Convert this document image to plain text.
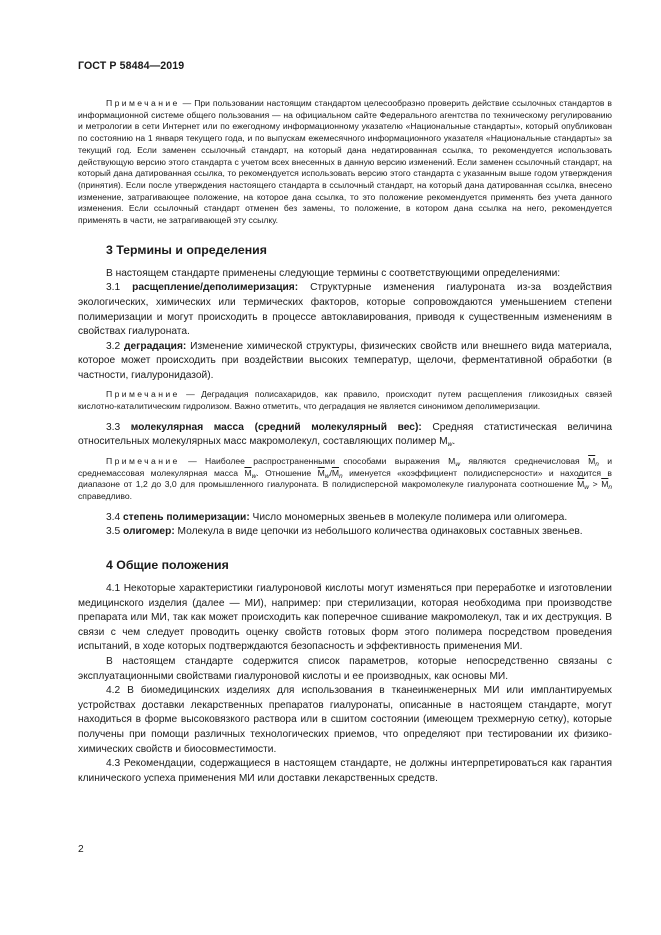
ГОСТ Р 58484—2019

Примечание — При пользовании настоящим стандартом целесообразно проверить действие ссылочных стандартов в информационной системе общего пользования — на официальном сайте Федерального агентства по техническому регулированию и метрологии в сети Интернет или по ежегодному информационному указателю «Национальные стандарты», который опубликован по состоянию на 1 января текущего года, и по выпускам ежемесячного информационного указателя «Национальные стандарты» за текущий год. Если заменен ссылочный стандарт, на который дана недатированная ссылка, то рекомендуется использовать действующую версию этого стандарта с учетом всех внесенных в данную версию изменений. Если заменен ссылочный стандарт, на который дана датированная ссылка, то рекомендуется использовать версию этого стандарта с указанным выше годом утверждения (принятия). Если после утверждения настоящего стандарта в ссылочный стандарт, на который дана датированная ссылка, внесено изменение, затрагивающее положение, на которое дана ссылка, то это положение рекомендуется применять без учета данного изменения. Если ссылочный стандарт отменен без замены, то положение, в котором дана ссылка на него, рекомендуется применять в части, не затрагивающей эту ссылку.

3 Термины и определения

В настоящем стандарте применены следующие термины с соответствующими определениями:

3.1 расщепление/деполимеризация: Структурные изменения гиалуроната из-за воздействия экологических, химических или термических факторов, которые сопровождаются уменьшением степени полимеризации и могут происходить в процессе автоклавирования, приводя к существенным изменениям в свойствах гиалуроната.

3.2 деградация: Изменение химической структуры, физических свойств или внешнего вида материала, которое может происходить при воздействии высоких температур, щелочи, ферментативной обработки (в частности, гиалуронидазой).

Примечание — Деградация полисахаридов, как правило, происходит путем расщепления гликозидных связей кислотно-каталитическим гидролизом. Важно отметить, что деградация не является синонимом деполимеризации.

3.3 молекулярная масса (средний молекулярный вес): Средняя статистическая величина относительных молекулярных масс макромолекул, составляющих полимер $M_w$.

Примечание — Наиболее распространенными способами выражения $M_w$ являются среднечисловая $\overline{M}_n$ и среднемассовая молекулярная масса $\overline{M}_w$. Отношение $\overline{M}_w/\overline{M}_n$ именуется «коэффициент полидисперсности» и находится в диапазоне от 1,2 до 3,0 для промышленного гиалуроната. В полидисперсной макромолекуле гиалуроната соотношение $\overline{M}_w > \overline{M}_n$ справедливо.

3.4 степень полимеризации: Число мономерных звеньев в молекуле полимера или олигомера.

3.5 олигомер: Молекула в виде цепочки из небольшого количества одинаковых составных звеньев.

4 Общие положения

4.1 Некоторые характеристики гиалуроновой кислоты могут изменяться при переработке и изготовлении медицинского изделия (далее — МИ), например: при стерилизации, которая необходима при производстве препарата или МИ, так как может происходить как поперечное сшивание макромолекул, так и их деструкция. В связи с чем следует проводить оценку свойств готовых форм этого полимера посредством проведения испытаний, в ходе которых подтверждаются безопасность и эффективность применения МИ.

В настоящем стандарте содержится список параметров, которые непосредственно связаны с эксплуатационными свойствами гиалуроновой кислоты и ее производных, как основы МИ.

4.2 В биомедицинских изделиях для использования в тканеинженерных МИ или имплантируемых устройствах доставки лекарственных препаратов гиалуронаты, описанные в настоящем стандарте, могут находиться в форме высоковязкого раствора или в сшитом состоянии (имеющем трехмерную сетку), которые получены при помощи различных технологических приемов, что определяют при тестировании их физико-химических свойств и биосовместимости.

4.3 Рекомендации, содержащиеся в настоящем стандарте, не должны интерпретироваться как гарантия клинического успеха применения МИ или доставки лекарственных средств.

2
